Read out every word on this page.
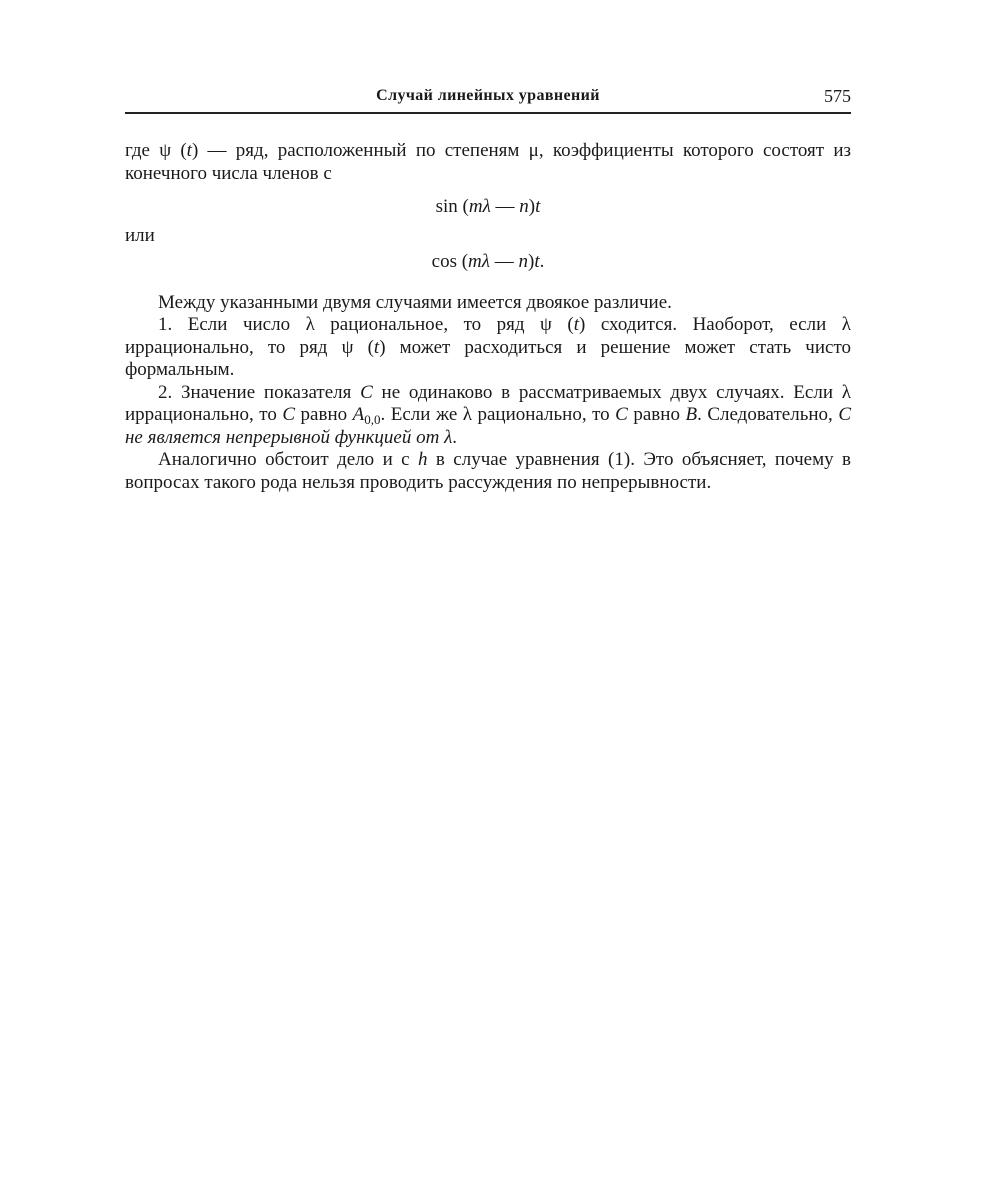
Случай линейных уравнений	575

где ψ (t) — ряд, расположенный по степеням μ, коэффициенты которого состоят из конечного числа членов с

sin (mλ — n)t

или

cos (mλ — n)t.

Между указанными двумя случаями имеется двоякое различие.

1. Если число λ рациональное, то ряд ψ (t) сходится. Наоборот, если λ иррационально, то ряд ψ (t) может расходиться и решение может стать чисто формальным.

2. Значение показателя C не одинаково в рассматриваемых двух случаях. Если λ иррационально, то C равно $A_{0,0}$. Если же λ рационально, то C равно B. Следовательно, C не является непрерывной функцией от λ.

Аналогично обстоит дело и с h в случае уравнения (1). Это объясняет, почему в вопросах такого рода нельзя проводить рассуждения по непрерывности.
